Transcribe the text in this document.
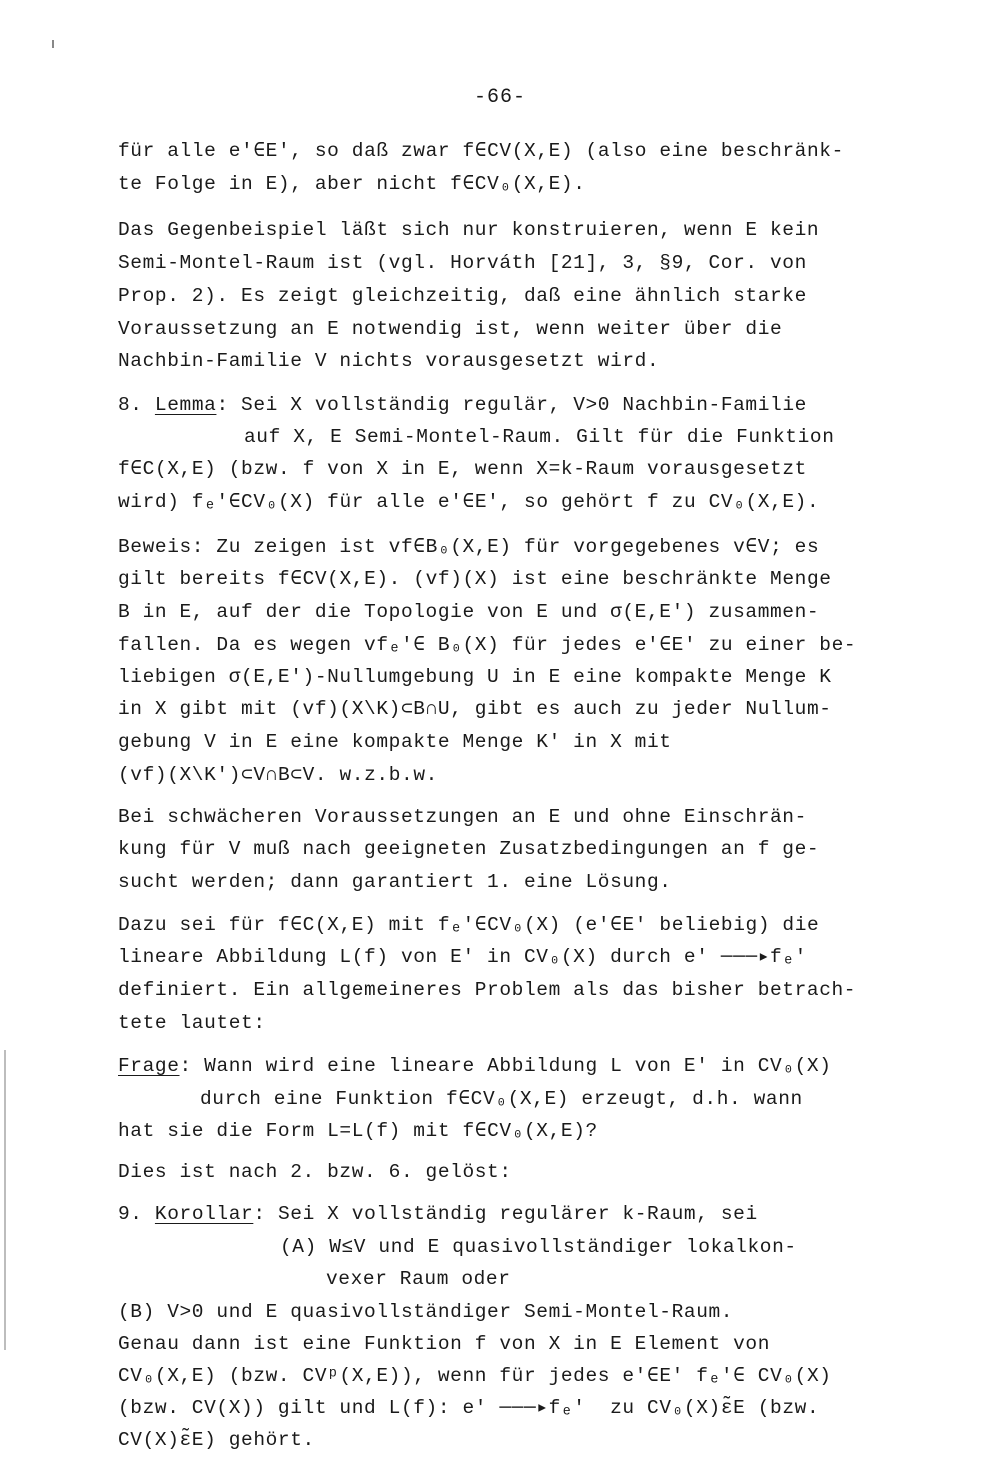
-66-
für alle e'∈E', so daß zwar f∈CV(X,E) (also eine beschränk-
te Folge in E), aber nicht f∈CV₀(X,E).
Das Gegenbeispiel läßt sich nur konstruieren, wenn E kein
Semi-Montel-Raum ist (vgl. Horváth [21], 3, §9, Cor. von
Prop. 2). Es zeigt gleichzeitig, daß eine ähnlich starke
Voraussetzung an E notwendig ist, wenn weiter über die
Nachbin-Familie V nichts vorausgesetzt wird.
8. Lemma: Sei X vollständig regulär, V>0 Nachbin-Familie
auf X, E Semi-Montel-Raum. Gilt für die Funktion
f∈C(X,E) (bzw. f von X in E, wenn X=k-Raum vorausgesetzt
wird) fₑ′∈CV₀(X) für alle e'∈E', so gehört f zu CV₀(X,E).
Beweis: Zu zeigen ist vf∈B₀(X,E) für vorgegebenes v∈V; es
gilt bereits f∈CV(X,E). (vf)(X) ist eine beschränkte Menge
B in E, auf der die Topologie von E und σ(E,E') zusammen-
fallen. Da es wegen vfₑ′∈ B₀(X) für jedes e'∈E' zu einer be-
liebigen σ(E,E')-Nullumgebung U in E eine kompakte Menge K
in X gibt mit (vf)(X\K)⊂B∩U, gibt es auch zu jeder Nullum-
gebung V in E eine kompakte Menge K' in X mit
(vf)(X\K')⊂V∩B⊂V. w.z.b.w.
Bei schwächeren Voraussetzungen an E und ohne Einschrän-
kung für V muß nach geeigneten Zusatzbedingungen an f ge-
sucht werden; dann garantiert 1. eine Lösung.
Dazu sei für f∈C(X,E) mit fₑ′∈CV₀(X) (e'∈E' beliebig) die
lineare Abbildung L(f) von E' in CV₀(X) durch e' ───▸fₑ′
definiert. Ein allgemeineres Problem als das bisher betrach-
tete lautet:
Frage: Wann wird eine lineare Abbildung L von E' in CV₀(X)
durch eine Funktion f∈CV₀(X,E) erzeugt, d.h. wann
hat sie die Form L=L(f) mit f∈CV₀(X,E)?
Dies ist nach 2. bzw. 6. gelöst:
9. Korollar: Sei X vollständig regulärer k-Raum, sei
(A) W≤V und E quasivollständiger lokalkon-
vexer Raum oder
(B) V>0 und E quasivollständiger Semi-Montel-Raum.
Genau dann ist eine Funktion f von X in E Element von
CV₀(X,E) (bzw. CVᵖ(X,E)), wenn für jedes e'∈E' fₑ′∈ CV₀(X)
(bzw. CV(X)) gilt und L(f): e' ───▸fₑ′  zu CV₀(X)ε̃E (bzw.
CV(X)ε̃E) gehört.
